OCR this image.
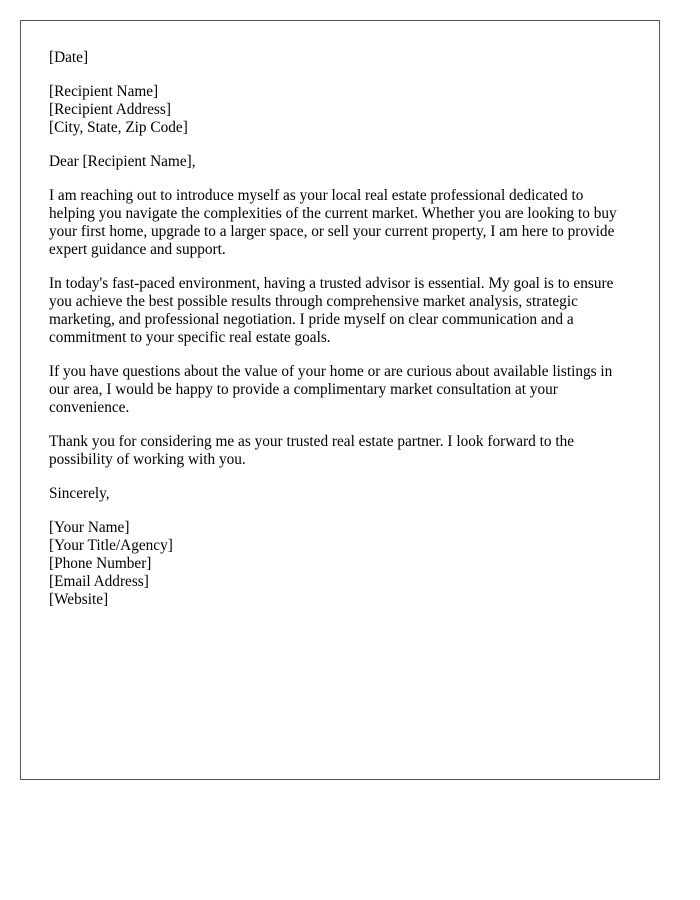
[Date]
[Recipient Name]
[Recipient Address]
[City, State, Zip Code]
Dear [Recipient Name],

I am reaching out to introduce myself as your local real estate professional dedicated to helping you navigate the complexities of the current market. Whether you are looking to buy your first home, upgrade to a larger space, or sell your current property, I am here to provide expert guidance and support.

In today's fast-paced environment, having a trusted advisor is essential. My goal is to ensure you achieve the best possible results through comprehensive market analysis, strategic marketing, and professional negotiation. I pride myself on clear communication and a commitment to your specific real estate goals.

If you have questions about the value of your home or are curious about available listings in our area, I would be happy to provide a complimentary market consultation at your convenience.

Thank you for considering me as your trusted real estate partner. I look forward to the possibility of working with you.

Sincerely,
[Your Name]
[Your Title/Agency]
[Phone Number]
[Email Address]
[Website]
